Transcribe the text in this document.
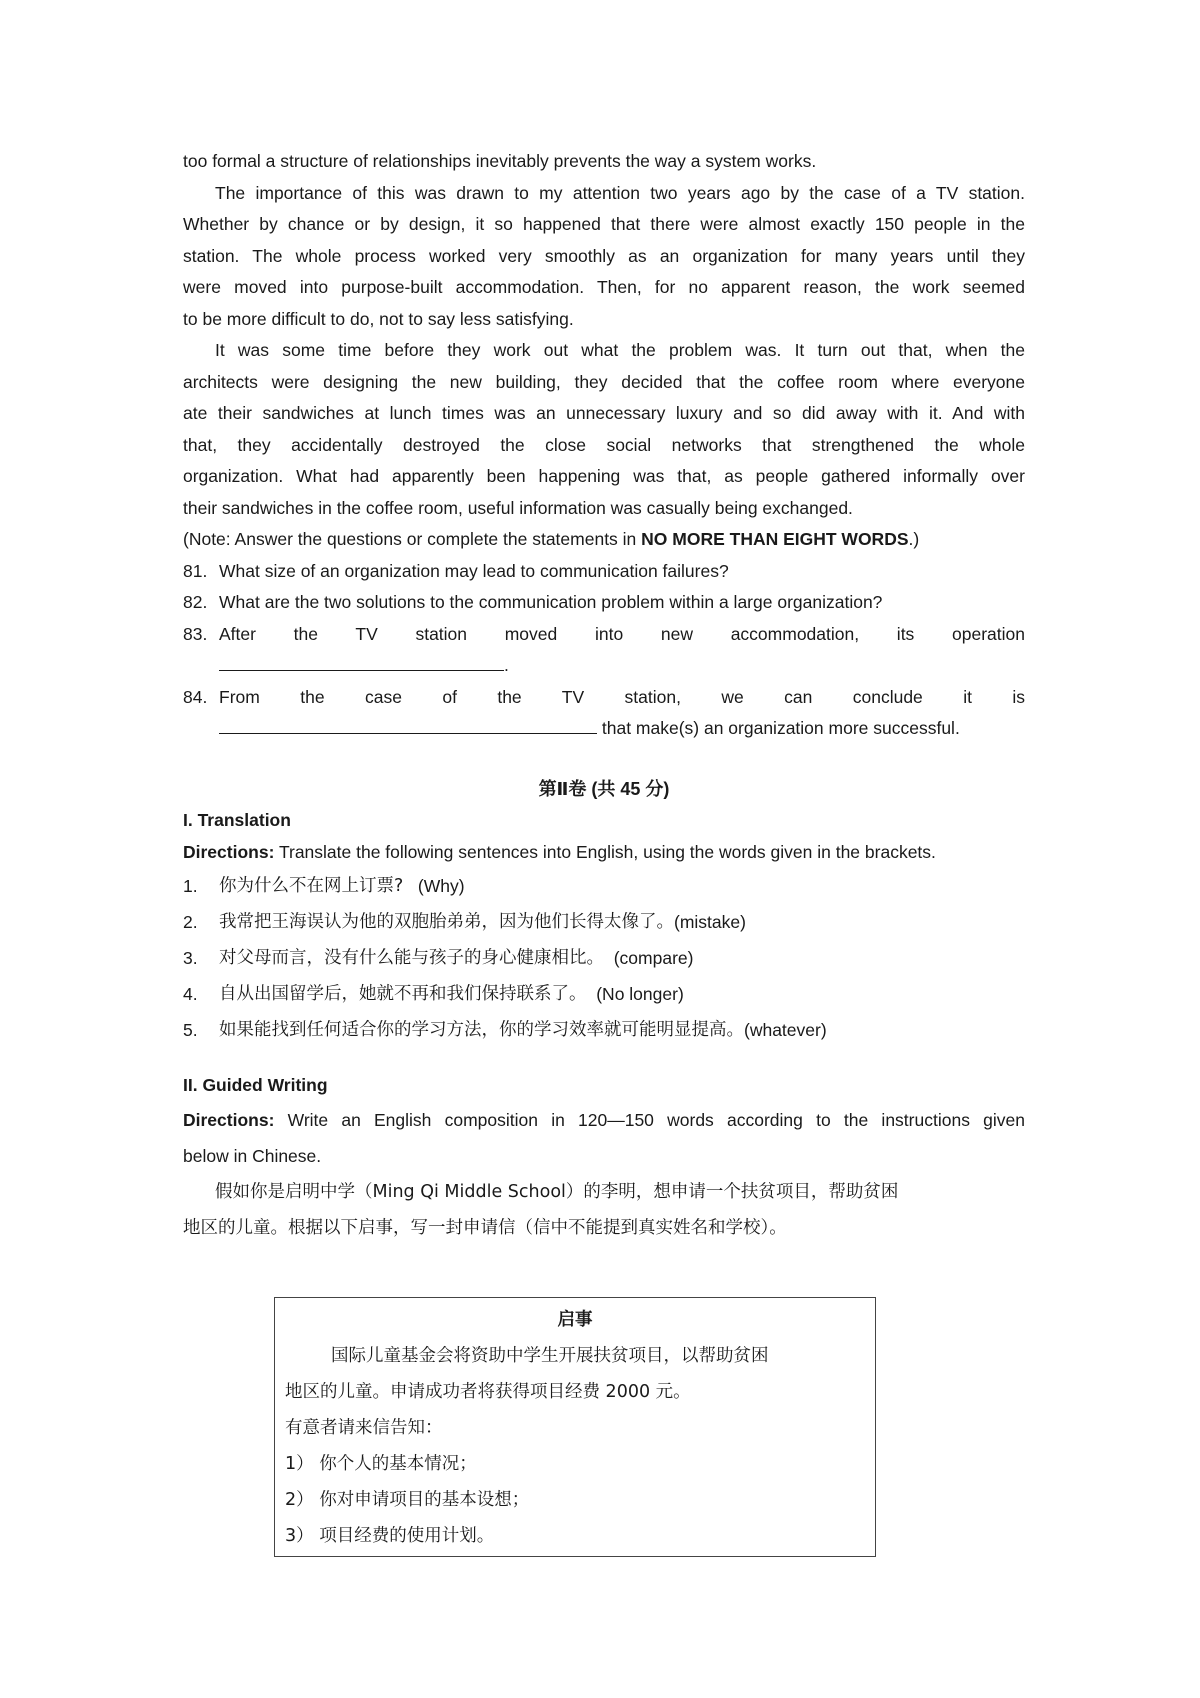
too formal a structure of relationships inevitably prevents the way a system works.
The importance of this was drawn to my attention two years ago by the case of a TV station.
Whether by chance or by design, it so happened that there were almost exactly 150 people in the
station. The whole process worked very smoothly as an organization for many years until they
were moved into purpose-built accommodation. Then, for no apparent reason, the work seemed
to be more difficult to do, not to say less satisfying.
It was some time before they work out what the problem was. It turn out that, when the
architects were designing the new building, they decided that the coffee room where everyone
ate their sandwiches at lunch times was an unnecessary luxury and so did away with it. And with
that, they accidentally destroyed the close social networks that strengthened the whole
organization. What had apparently been happening was that, as people gathered informally over
their sandwiches in the coffee room, useful information was casually being exchanged.
(Note: Answer the questions or complete the statements in NO MORE THAN EIGHT WORDS.)
81. What size of an organization may lead to communication failures?
82. What are the two solutions to the communication problem within a large organization?
83. After the TV station moved into new accommodation, its operation
.
84. From the case of the TV station, we can conclude it is
that make(s) an organization more successful.
第Ⅱ卷 (共 45 分)
I. Translation
Directions: Translate the following sentences into English, using the words given in the brackets.
1.	你为什么不在网上订票?
(Why)
2.	我常把王海误认为他的双胞胎弟弟，因为他们长得太像了。 (mistake)
3.	对父母而言，没有什么能与孩子的身心健康相比。
(compare)
4.	自从出国留学后，她就不再和我们保持联系了。
(No longer)
5.	如果能找到任何适合你的学习方法，你的学习效率就可能明显提高。 (whatever)
II. Guided Writing
Directions: Write an English composition in 120—150 words according to the instructions given
below in Chinese.
假如你是启明中学（Ming Qi Middle School）的李明，想申请一个扶贫项目，帮助贫困
地区的儿童。根据以下启事，写一封申请信（信中不能提到真实姓名和学校）。
启事
国际儿童基金会将资助中学生开展扶贫项目，以帮助贫困
地区的儿童。申请成功者将获得项目经费 2000 元。
有意者请来信告知：
1） 你个人的基本情况；
2） 你对申请项目的基本设想；
3） 项目经费的使用计划。
